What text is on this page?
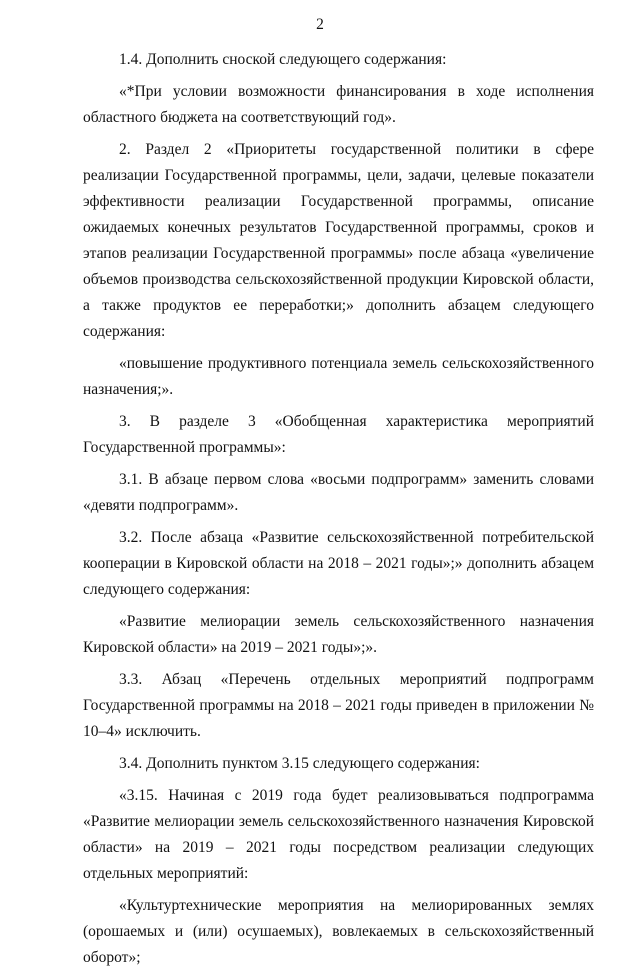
2

1.4. Дополнить сноской следующего содержания:

«*При условии возможности финансирования в ходе исполнения областного бюджета на соответствующий год».

2. Раздел 2 «Приоритеты государственной политики в сфере реализации Государственной программы, цели, задачи, целевые показатели эффективности реализации Государственной программы, описание ожидаемых конечных результатов Государственной программы, сроков и этапов реализации Государственной программы» после абзаца «увеличение объемов производства сельскохозяйственной продукции Кировской области, а также продуктов ее переработки;» дополнить абзацем следующего содержания:

«повышение продуктивного потенциала земель сельскохозяйственного назначения;».

3. В разделе 3 «Обобщенная характеристика мероприятий Государственной программы»:

3.1. В абзаце первом слова «восьми подпрограмм» заменить словами «девяти подпрограмм».

3.2. После абзаца «Развитие сельскохозяйственной потребительской кооперации в Кировской области на 2018 – 2021 годы»;» дополнить абзацем следующего содержания:

«Развитие мелиорации земель сельскохозяйственного назначения Кировской области» на 2019 – 2021 годы»;».

3.3. Абзац «Перечень отдельных мероприятий подпрограмм Государственной программы на 2018 – 2021 годы приведен в приложении № 10–4» исключить.

3.4. Дополнить пунктом 3.15 следующего содержания:

«3.15. Начиная с 2019 года будет реализовываться подпрограмма «Развитие мелиорации земель сельскохозяйственного назначения Кировской области» на 2019 – 2021 годы посредством реализации следующих отдельных мероприятий:

«Культуртехнические мероприятия на мелиорированных землях (орошаемых и (или) осушаемых), вовлекаемых в сельскохозяйственный оборот»;
